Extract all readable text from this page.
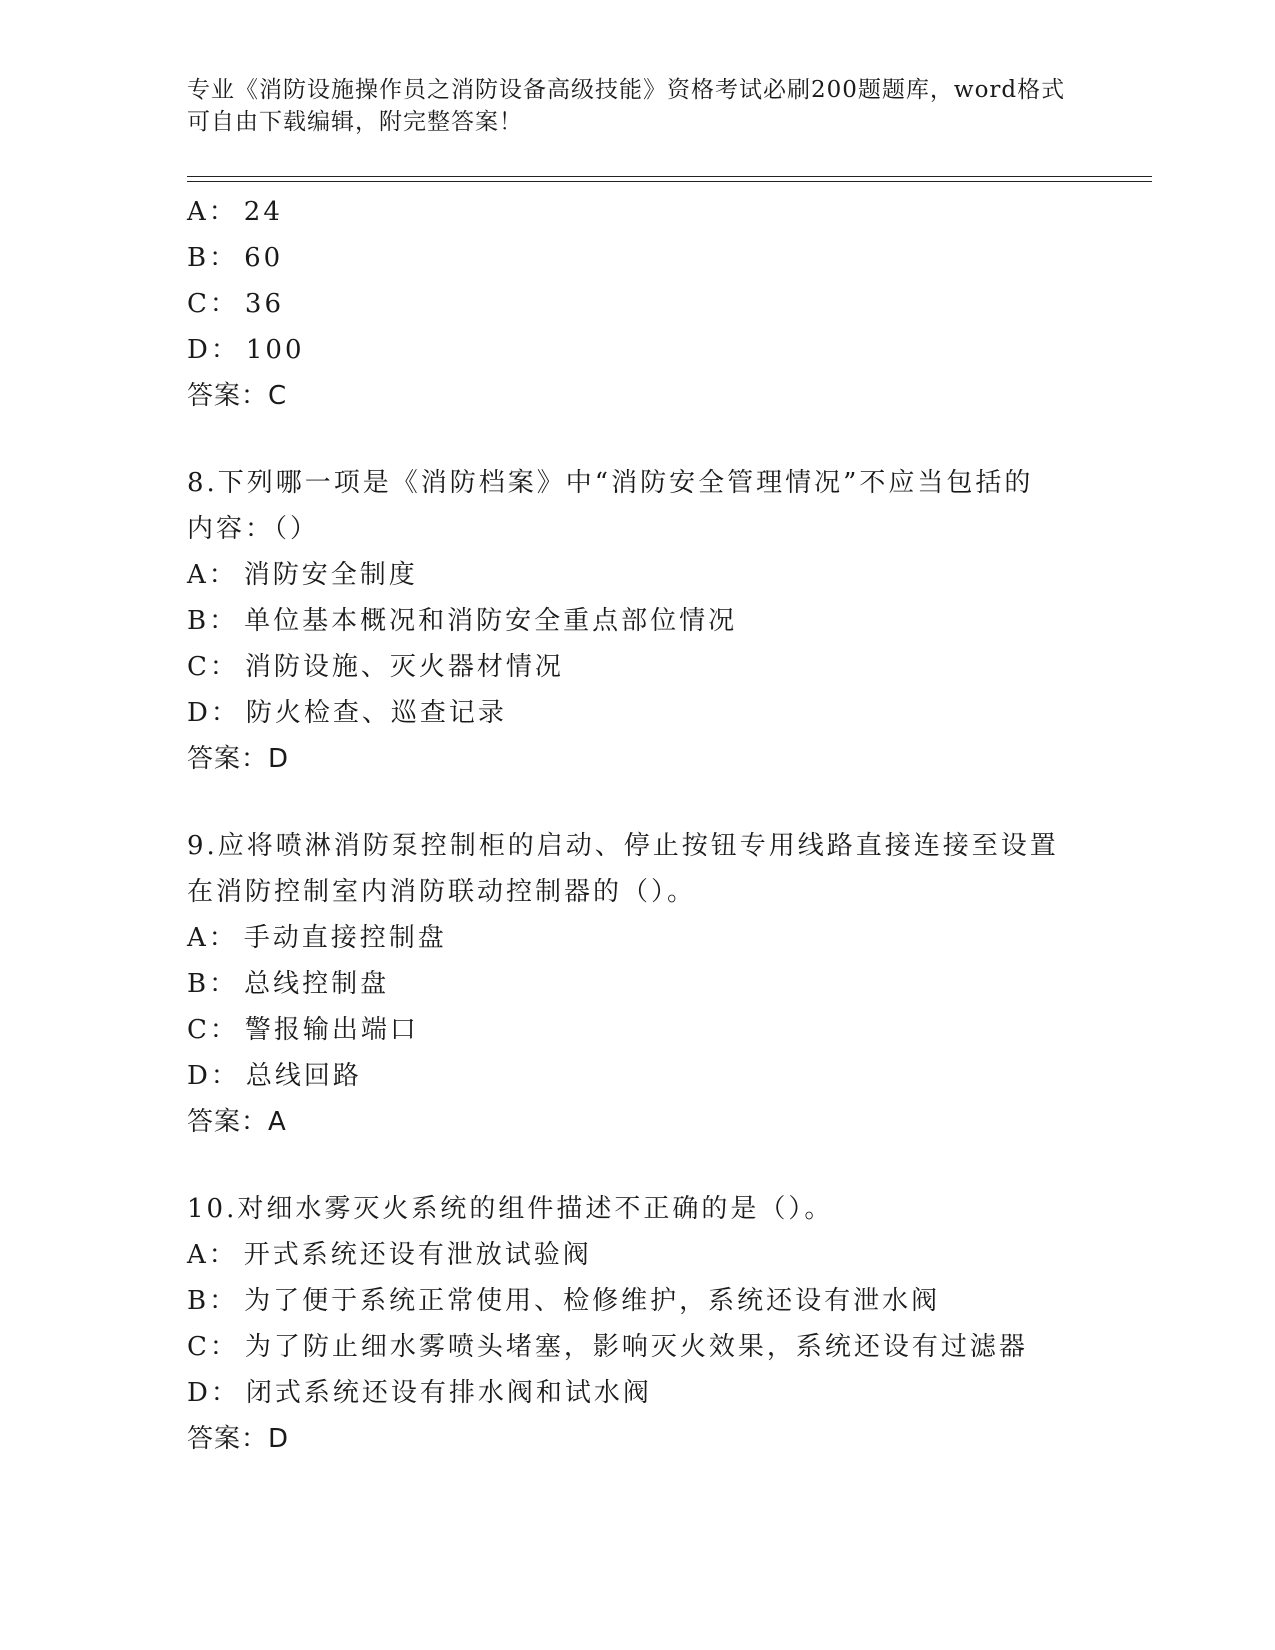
专业《消防设施操作员之消防设备高级技能》资格考试必刷200题题库，word格式可自由下载编辑，附完整答案！
A： 24
B： 60
C： 36
D： 100
答案：C
8.下列哪一项是《消防档案》中“消防安全管理情况”不应当包括的
内容：（）
A： 消防安全制度
B： 单位基本概况和消防安全重点部位情况
C： 消防设施、灭火器材情况
D： 防火检查、巡查记录
答案：D
9.应将喷淋消防泵控制柜的启动、停止按钮专用线路直接连接至设置
在消防控制室内消防联动控制器的（）。
A： 手动直接控制盘
B： 总线控制盘
C： 警报输出端口
D： 总线回路
答案：A
10.对细水雾灭火系统的组件描述不正确的是（）。
A： 开式系统还设有泄放试验阀
B： 为了便于系统正常使用、检修维护，系统还设有泄水阀
C： 为了防止细水雾喷头堵塞，影响灭火效果，系统还设有过滤器
D： 闭式系统还设有排水阀和试水阀
答案：D
